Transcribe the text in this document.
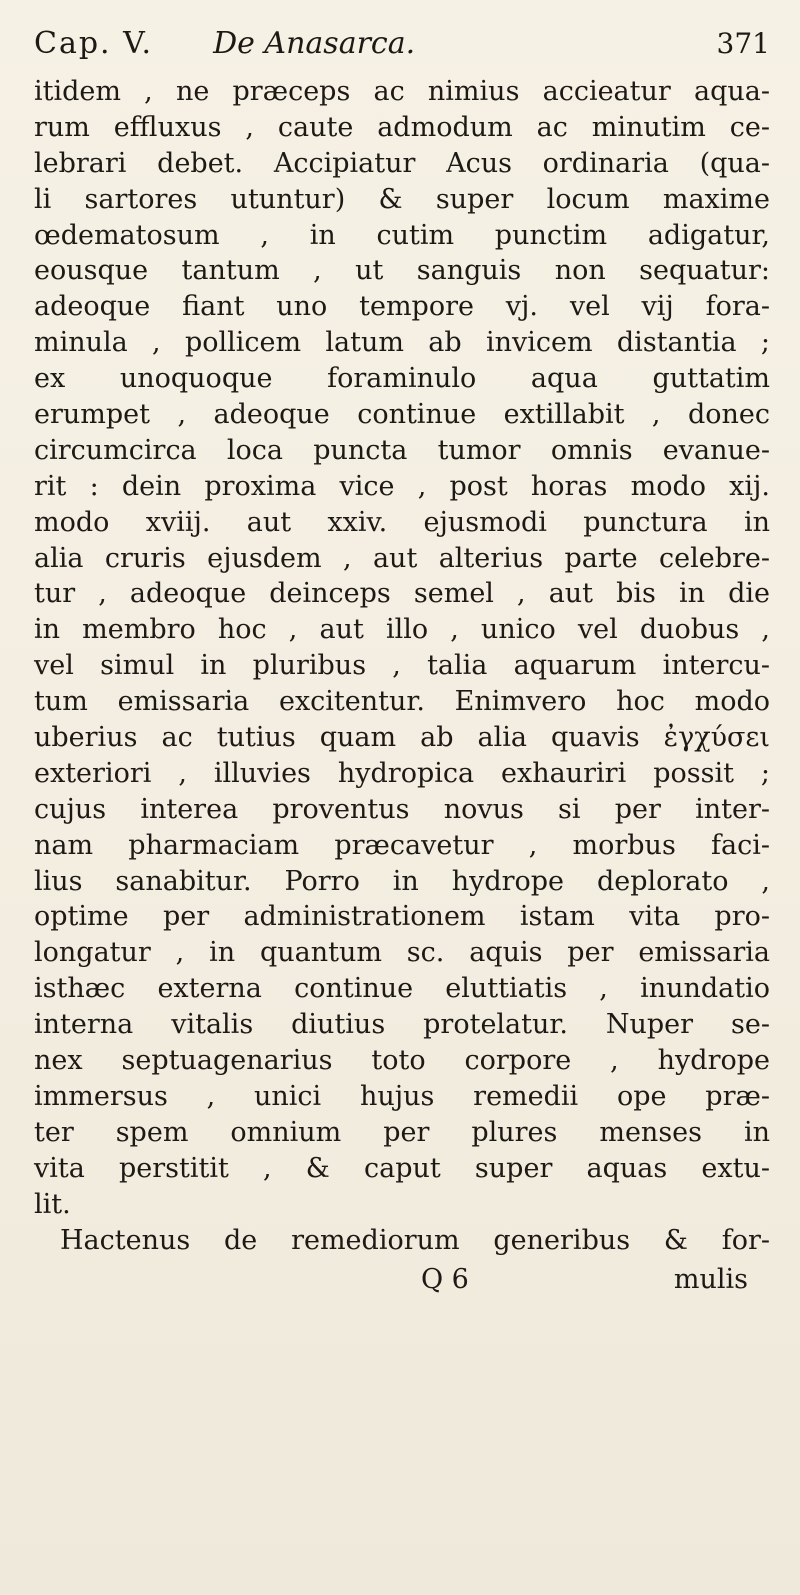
Cap. V. De Anasarca.	371
itidem , ne præceps ac nimius accieatur aqua-
rum effluxus , caute admodum ac minutim ce-
lebrari debet. Accipiatur Acus ordinaria (qua-
li sartores utuntur) & super locum maxime
œdematosum , in cutim punctim adigatur,
eousque tantum , ut sanguis non sequatur:
adeoque fiant uno tempore vj. vel vij fora-
minula , pollicem latum ab invicem distantia ;
ex unoquoque foraminulo aqua guttatim
erumpet , adeoque continue extillabit , donec
circumcirca loca puncta tumor omnis evanue-
rit : dein proxima vice , post horas modo xij.
modo xviij. aut xxiv. ejusmodi punctura in
alia cruris ejusdem , aut alterius parte celebre-
tur , adeoque deinceps semel , aut bis in die
in membro hoc , aut illo , unico vel duobus ,
vel simul in pluribus , talia aquarum intercu-
tum emissaria excitentur. Enimvero hoc modo
uberius ac tutius quam ab alia quavis ἐγχύσει
exteriori , illuvies hydropica exhauriri possit ;
cujus interea proventus novus si per inter-
nam pharmaciam præcavetur , morbus faci-
lius sanabitur. Porro in hydrope deplorato ,
optime per administrationem istam vita pro-
longatur , in quantum sc. aquis per emissaria
isthæc externa continue eluttiatis , inundatio
interna vitalis diutius protelatur. Nuper se-
nex septuagenarius toto corpore , hydrope
immersus , unici hujus remedii ope præ-
ter spem omnium per plures menses in
vita perstitit , & caput super aquas extu-
lit.
Hactenus de remediorum generibus & for-
Q 6	mulis
